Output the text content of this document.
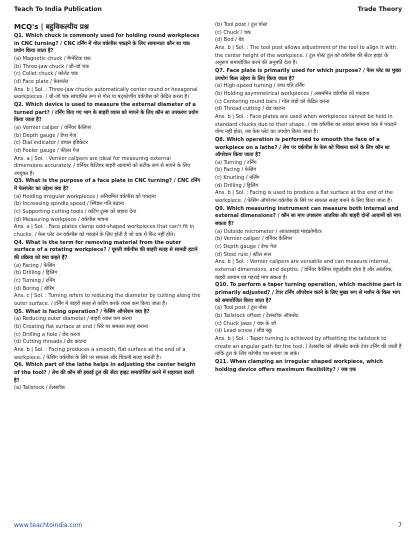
Teach To India Publication	Trade Theory
MCQ's | बहुविकल्पीय प्रश्न

Q1. Which chuck is commonly used for holding round workpieces in CNC turning? / CNC टर्निंग में गोल वर्कपीस पकड़ने के लिए सामान्यतः कौन सा चक प्रयोग किया जाता है?

(a) Magnetic chuck / मैग्नेटिक चक

(b) Three-jaw chuck / थ्री-जॉ चक

(c) Collet chuck / कोलेट चक

(d) Face plate / फेसप्लेट

Ans. b | Sol. : Three-jaw chucks automatically center round or hexagonal workpieces. / थ्री-जॉ चक स्वचालित रूप से गोल या षट्कोणीय वर्कपीस को केंद्रित करता है।

Q2. Which device is used to measure the external diameter of a turned part? / टर्निंग किए गए भाग के बाहरी व्यास को मापने के लिए कौन सा उपकरण प्रयोग किया जाता है?

(a) Vernier caliper / वर्नियर कैलिपर

(b) Depth gauge / डेप्थ गेज

(c) Dial indicator / डायल इंडिकेटर

(d) Feeler gauge / फीलर गेज

Ans. a | Sol. : Vernier calipers are ideal for measuring external dimensions accurately. / वर्नियर कैलिपर बाहरी आयामों को सटीक रूप से मापने के लिए उपयुक्त है।

Q3. What is the purpose of a face plate in CNC turning? / CNC टर्निंग में फेसप्लेट का उद्देश्य क्या है?

(a) Holding irregular workpieces / अनियमित वर्कपीस को पकड़ना

(b) Increasing spindle speed / स्पिंडल गति बढ़ाना

(c) Supporting cutting tools / कटिंग टूल्स को सहारा देना

(d) Measuring workpiece / वर्कपीस मापना

Ans. a | Sol. : Face plates clamp odd-shaped workpieces that can't fit in chucks. / फेस प्लेट उन वर्कपीस को पकड़ने के लिए होती है जो चक में फिट नहीं होते।

Q4. What is the term for removing material from the outer surface of a rotating workpiece? / घूमती वर्कपीस की बाहरी सतह से सामग्री हटाने की प्रक्रिया को क्या कहते हैं?

(a) Facing / फेसिंग

(b) Drilling / ड्रिलिंग

(c) Turning / टर्निंग

(d) Boring / बोरिंग

Ans. c | Sol. : Turning refers to reducing the diameter by cutting along the outer surface. / टर्निंग में बाहरी सतह से कटिंग करके व्यास कम किया जाता है।

Q5. What is facing operation? / फेसिंग ऑपरेशन क्या है?

(a) Reducing outer diameter / बाहरी व्यास कम करना

(b) Creating flat surface at end / सिरे पर समतल सतह बनाना

(c) Drilling a hole / छेद करना

(d) Cutting threads / थ्रेड काटना

Ans. b | Sol. : Facing produces a smooth, flat surface at the end of a workpiece. / फेसिंग वर्कपीस के सिरे पर समतल और चिकनी सतह बनाती है।

Q6. Which part of the lathe helps in adjusting the center height of the tool? / लेथ की कौन सी इकाई टूल की सेंटर हाइट समायोजित करने में सहायता करती है?

(a) Tailstock / टेलस्टॉक

(b) Tool post / टूल पोस्ट

(c) Chuck / चक

(d) Bed / बेड

Ans. b | Sol. : The tool post allows adjustment of the tool to align it with the center height of the workpiece. / टूल पोस्ट टूल को वर्कपीस की सेंटर हाइट के अनुरूप समायोजित करने की अनुमति देता है।

Q7. Face plate is primarily used for which purpose? / फेस प्लेट का मुख्य उपयोग किस उद्देश्य के लिए किया जाता है?

(a) High-speed turning / उच्च गति टर्निंग

(b) Holding asymmetrical workpieces / असममित वर्कपीस को पकड़ना

(c) Centering round bars / गोल छड़ों को केंद्रित करना

(d) Thread cutting / थ्रेड काटना

Ans. b | Sol. : Face plates are used when workpieces cannot be held in standard chucks due to their shape. / जब वर्कपीस का आकार सामान्य चक में पकड़ने योग्य नहीं होता, तब फेस प्लेट का उपयोग किया जाता है।

Q8. Which operation is performed to smooth the face of a workpiece on a lathe? / लेथ पर वर्कपीस के फेस को चिकना करने के लिए कौन सा ऑपरेशन किया जाता है?

(a) Turning / टर्निंग

(b) Facing / फेसिंग

(c) Knurling / नर्लिंग

(d) Drilling / ड्रिलिंग

Ans. b | Sol. : Facing is used to produce a flat surface at the end of the workpiece. / फेसिंग ऑपरेशन वर्कपीस के सिरे पर समतल सतह बनाने के लिए किया जाता है।

Q9. Which measuring instrument can measure both internal and external dimensions? / कौन सा माप उपकरण आंतरिक और बाहरी दोनों आयामों को माप सकता है?

(a) Outside micrometer / आउटसाइड माइक्रोमीटर

(b) Vernier caliper / वर्नियर कैलिपर

(c) Depth gauge / डेप्थ गेज

(d) Steel rule / स्टील रूल

Ans. b | Sol. : Vernier calipers are versatile and can measure internal, external dimensions, and depths. / वर्नियर कैलिपर बहुउद्देशीय होता है और आंतरिक, बाहरी आयाम एवं गहराई माप सकता है।

Q10. To perform a taper turning operation, which machine part is primarily adjusted? / टेपर टर्निंग ऑपरेशन करने के लिए मुख्य रूप से मशीन के किस भाग को समायोजित किया जाता है?

(a) Tool post / टूल पोस्ट

(b) Tailstock offset / टेलस्टॉक ऑफसेट

(c) Chuck jaws / चक के जॉ

(d) Lead screw / लीड स्क्रू

Ans. b | Sol. : Taper turning is achieved by offsetting the tailstock to create an angular path for the tool. / टेलस्टॉक को ऑफसेट करके टेपर टर्निंग की जाती है ताकि टूल के लिए कोणीय पथ बनाया जा सके।

Q11. When clamping an irregular shaped workpiece, which holding device offers maximum flexibility? / जब एक

www.teachtoindia.com	7
